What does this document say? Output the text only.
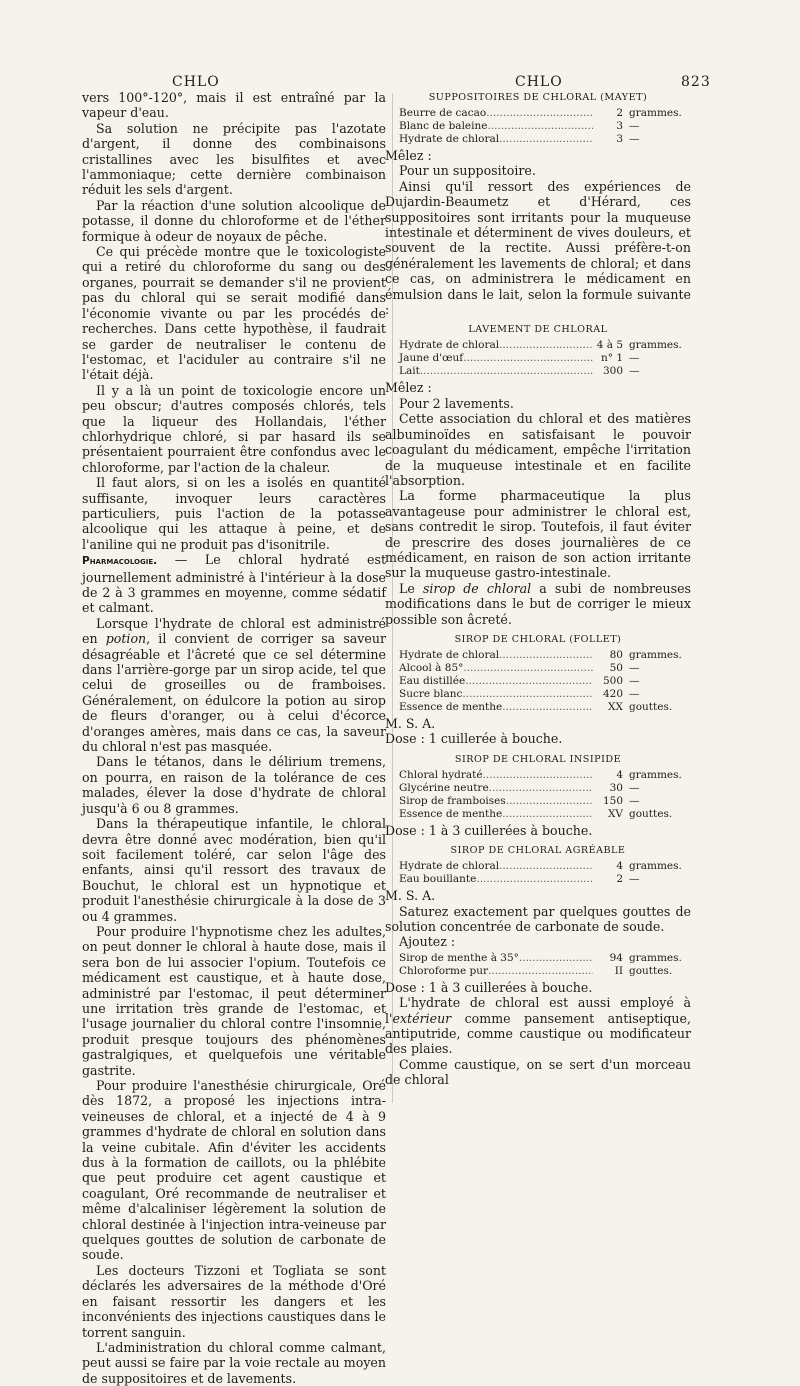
CHLO	CHLO	823

vers 100°-120°, mais il est entraîné par la vapeur d'eau.

Sa solution ne précipite pas l'azotate d'argent, il donne des combinaisons cristallines avec les bisulfites et avec l'ammoniaque; cette dernière combinaison réduit les sels d'argent.

Par la réaction d'une solution alcoolique de potasse, il donne du chloroforme et de l'éther formique à odeur de noyaux de pêche.

Ce qui précède montre que le toxicologiste qui a retiré du chloroforme du sang ou des organes, pourrait se demander s'il ne provient pas du chloral qui se serait modifié dans l'économie vivante ou par les procédés de recherches. Dans cette hypothèse, il faudrait se garder de neutraliser le contenu de l'estomac, et l'aciduler au contraire s'il ne l'était déjà.

Il y a là un point de toxicologie encore un peu obscur; d'autres composés chlorés, tels que la liqueur des Hollandais, l'éther chlorhydrique chloré, si par hasard ils se présentaient pourraient être confondus avec le chloroforme, par l'action de la chaleur.

Il faut alors, si on les a isolés en quantité suffisante, invoquer leurs caractères particuliers, puis l'action de la potasse alcoolique qui les attaque à peine, et de l'aniline qui ne produit pas d'isonitrile.

Pharmacologie. — Le chloral hydraté est journellement administré à l'intérieur à la dose de 2 à 3 grammes en moyenne, comme sédatif et calmant.

Lorsque l'hydrate de chloral est administré en potion, il convient de corriger sa saveur désagréable et l'âcreté que ce sel détermine dans l'arrière-gorge par un sirop acide, tel que celui de groseilles ou de framboises. Généralement, on édulcore la potion au sirop de fleurs d'oranger, ou à celui d'écorce d'oranges amères, mais dans ce cas, la saveur du chloral n'est pas masquée.

Dans le tétanos, dans le délirium tremens, on pourra, en raison de la tolérance de ces malades, élever la dose d'hydrate de chloral jusqu'à 6 ou 8 grammes.

Dans la thérapeutique infantile, le chloral devra être donné avec modération, bien qu'il soit facilement toléré, car selon l'âge des enfants, ainsi qu'il ressort des travaux de Bouchut, le chloral est un hypnotique et produit l'anesthésie chirurgicale à la dose de 3 ou 4 grammes.

Pour produire l'hypnotisme chez les adultes, on peut donner le chloral à haute dose, mais il sera bon de lui associer l'opium. Toutefois ce médicament est caustique, et à haute dose, administré par l'estomac, il peut déterminer une irritation très grande de l'estomac, et l'usage journalier du chloral contre l'insomnie, produit presque toujours des phénomènes gastralgiques, et quelquefois une véritable gastrite.

Pour produire l'anesthésie chirurgicale, Oré dès 1872, a proposé les injections intra-veineuses de chloral, et a injecté de 4 à 9 grammes d'hydrate de chloral en solution dans la veine cubitale. Afin d'éviter les accidents dus à la formation de caillots, ou la phlébite que peut produire cet agent caustique et coagulant, Oré recommande de neutraliser et même d'alcaliniser légèrement la solution de chloral destinée à l'injection intra-veineuse par quelques gouttes de solution de carbonate de soude.

Les docteurs Tizzoni et Togliata se sont déclarés les adversaires de la méthode d'Oré en faisant ressortir les dangers et les inconvénients des injections caustiques dans le torrent sanguin.

L'administration du chloral comme calmant, peut aussi se faire par la voie rectale au moyen de suppositoires et de lavements.

SUPPOSITOIRES DE CHLORAL (MAYET)
Beurre de cacao .....	2 grammes.
Blanc de baleine .....	3 —
Hydrate de chloral .....	3 —

Mêlez :

Pour un suppositoire.

Ainsi qu'il ressort des expériences de Dujardin-Beaumetz et d'Hérard, ces suppositoires sont irritants pour la muqueuse intestinale et déterminent de vives douleurs, et souvent de la rectite. Aussi préfère-t-on généralement les lavements de chloral; et dans ce cas, on administrera le médicament en émulsion dans le lait, selon la formule suivante :

LAVEMENT DE CHLORAL
Hydrate de chloral .....	4 à 5 grammes.
Jaune d'œuf .....	n° 1 —
Lait .....	300 —

Mêlez :

Pour 2 lavements.

Cette association du chloral et des matières albuminoïdes en satisfaisant le pouvoir coagulant du médicament, empêche l'irritation de la muqueuse intestinale et en facilite l'absorption.

La forme pharmaceutique la plus avantageuse pour administrer le chloral est, sans contredit le sirop. Toutefois, il faut éviter de prescrire des doses journalières de ce médicament, en raison de son action irritante sur la muqueuse gastro-intestinale.

Le sirop de chloral a subi de nombreuses modifications dans le but de corriger le mieux possible son âcreté.

SIROP DE CHLORAL (FOLLET)
Hydrate de chloral .....	80 grammes.
Alcool à 85° .....	50 —
Eau distillée .....	500 —
Sucre blanc .....	420 —
Essence de menthe .....	XX gouttes.

M. S. A.

Dose : 1 cuillerée à bouche.

SIROP DE CHLORAL INSIPIDE
Chloral hydraté .....	4 grammes.
Glycérine neutre .....	30 —
Sirop de framboises .....	150 —
Essence de menthe .....	XV gouttes.

Dose : 1 à 3 cuillerées à bouche.

SIROP DE CHLORAL AGRÉABLE
Hydrate de chloral .....	4 grammes.
Eau bouillante .....	2 —

M. S. A.

Saturez exactement par quelques gouttes de solution concentrée de carbonate de soude.

Ajoutez :

Sirop de menthe à 35° .....	94 grammes.
Chloroforme pur .....	II gouttes.

Dose : 1 à 3 cuillerées à bouche.

L'hydrate de chloral est aussi employé à l'extérieur comme pansement antiseptique, antiputride, comme caustique ou modificateur des plaies.

Comme caustique, on se sert d'un morceau de chloral
